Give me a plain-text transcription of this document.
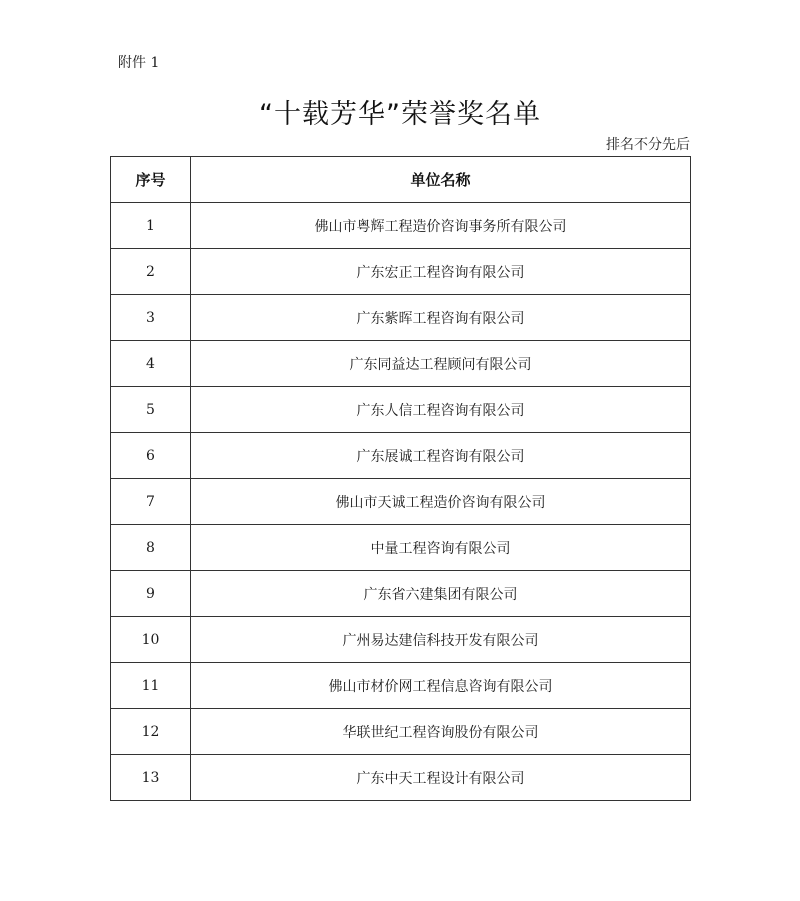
附件 1
“十载芳华”荣誉奖名单
排名不分先后
序号	单位名称
1	佛山市粤辉工程造价咨询事务所有限公司
2	广东宏正工程咨询有限公司
3	广东紫晖工程咨询有限公司
4	广东同益达工程顾问有限公司
5	广东人信工程咨询有限公司
6	广东展诚工程咨询有限公司
7	佛山市天诚工程造价咨询有限公司
8	中量工程咨询有限公司
9	广东省六建集团有限公司
10	广州易达建信科技开发有限公司
11	佛山市材价网工程信息咨询有限公司
12	华联世纪工程咨询股份有限公司
13	广东中天工程设计有限公司
